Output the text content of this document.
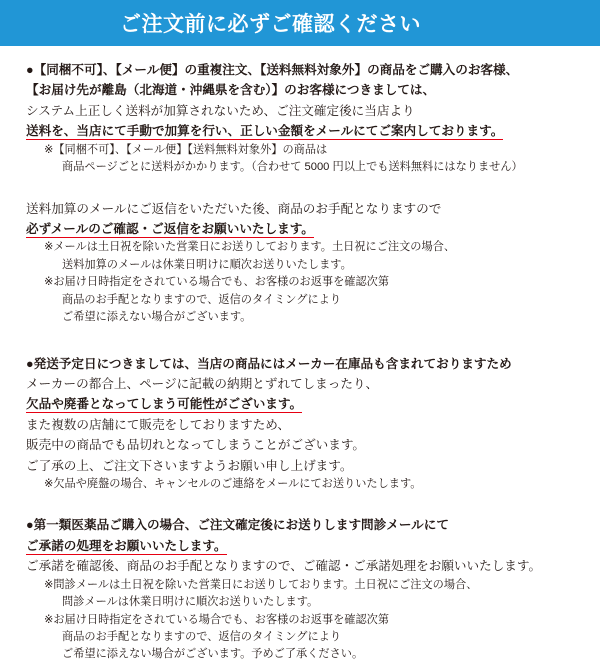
ご注文前に必ずご確認ください
●【同梱不可】、【メール便】の重複注文、【送料無料対象外】の商品をご購入のお客様、
【お届け先が離島（北海道・沖縄県を含む）】のお客様につきましては、
システム上正しく送料が加算されないため、ご注文確定後に当店より
送料を、当店にて手動で加算を行い、正しい金額をメールにてご案内しております。
※【同梱不可】、【メール便】【送料無料対象外】の商品は
商品ページごとに送料がかかります。（合わせて 5000 円以上でも送料無料にはなりません）
送料加算のメールにご返信をいただいた後、商品のお手配となりますので
必ずメールのご確認・ご返信をお願いいたします。
※メールは土日祝を除いた営業日にお送りしております。土日祝にご注文の場合、
送料加算のメールは休業日明けに順次お送りいたします。
※お届け日時指定をされている場合でも、お客様のお返事を確認次第
商品のお手配となりますので、返信のタイミングにより
ご希望に添えない場合がございます。
●発送予定日につきましては、当店の商品にはメーカー在庫品も含まれておりますため
メーカーの都合上、ページに記載の納期とずれてしまったり、
欠品や廃番となってしまう可能性がございます。
また複数の店舗にて販売をしておりますため、
販売中の商品でも品切れとなってしまうことがございます。
ご了承の上、ご注文下さいますようお願い申し上げます。
※欠品や廃盤の場合、キャンセルのご連絡をメールにてお送りいたします。
●第一類医薬品ご購入の場合、ご注文確定後にお送りします問診メールにて
ご承諾の処理をお願いいたします。
ご承諾を確認後、商品のお手配となりますので、ご確認・ご承諾処理をお願いいたします。
※問診メールは土日祝を除いた営業日にお送りしております。土日祝にご注文の場合、
問診メールは休業日明けに順次お送りいたします。
※お届け日時指定をされている場合でも、お客様のお返事を確認次第
商品のお手配となりますので、返信のタイミングにより
ご希望に添えない場合がございます。予めご了承ください。
